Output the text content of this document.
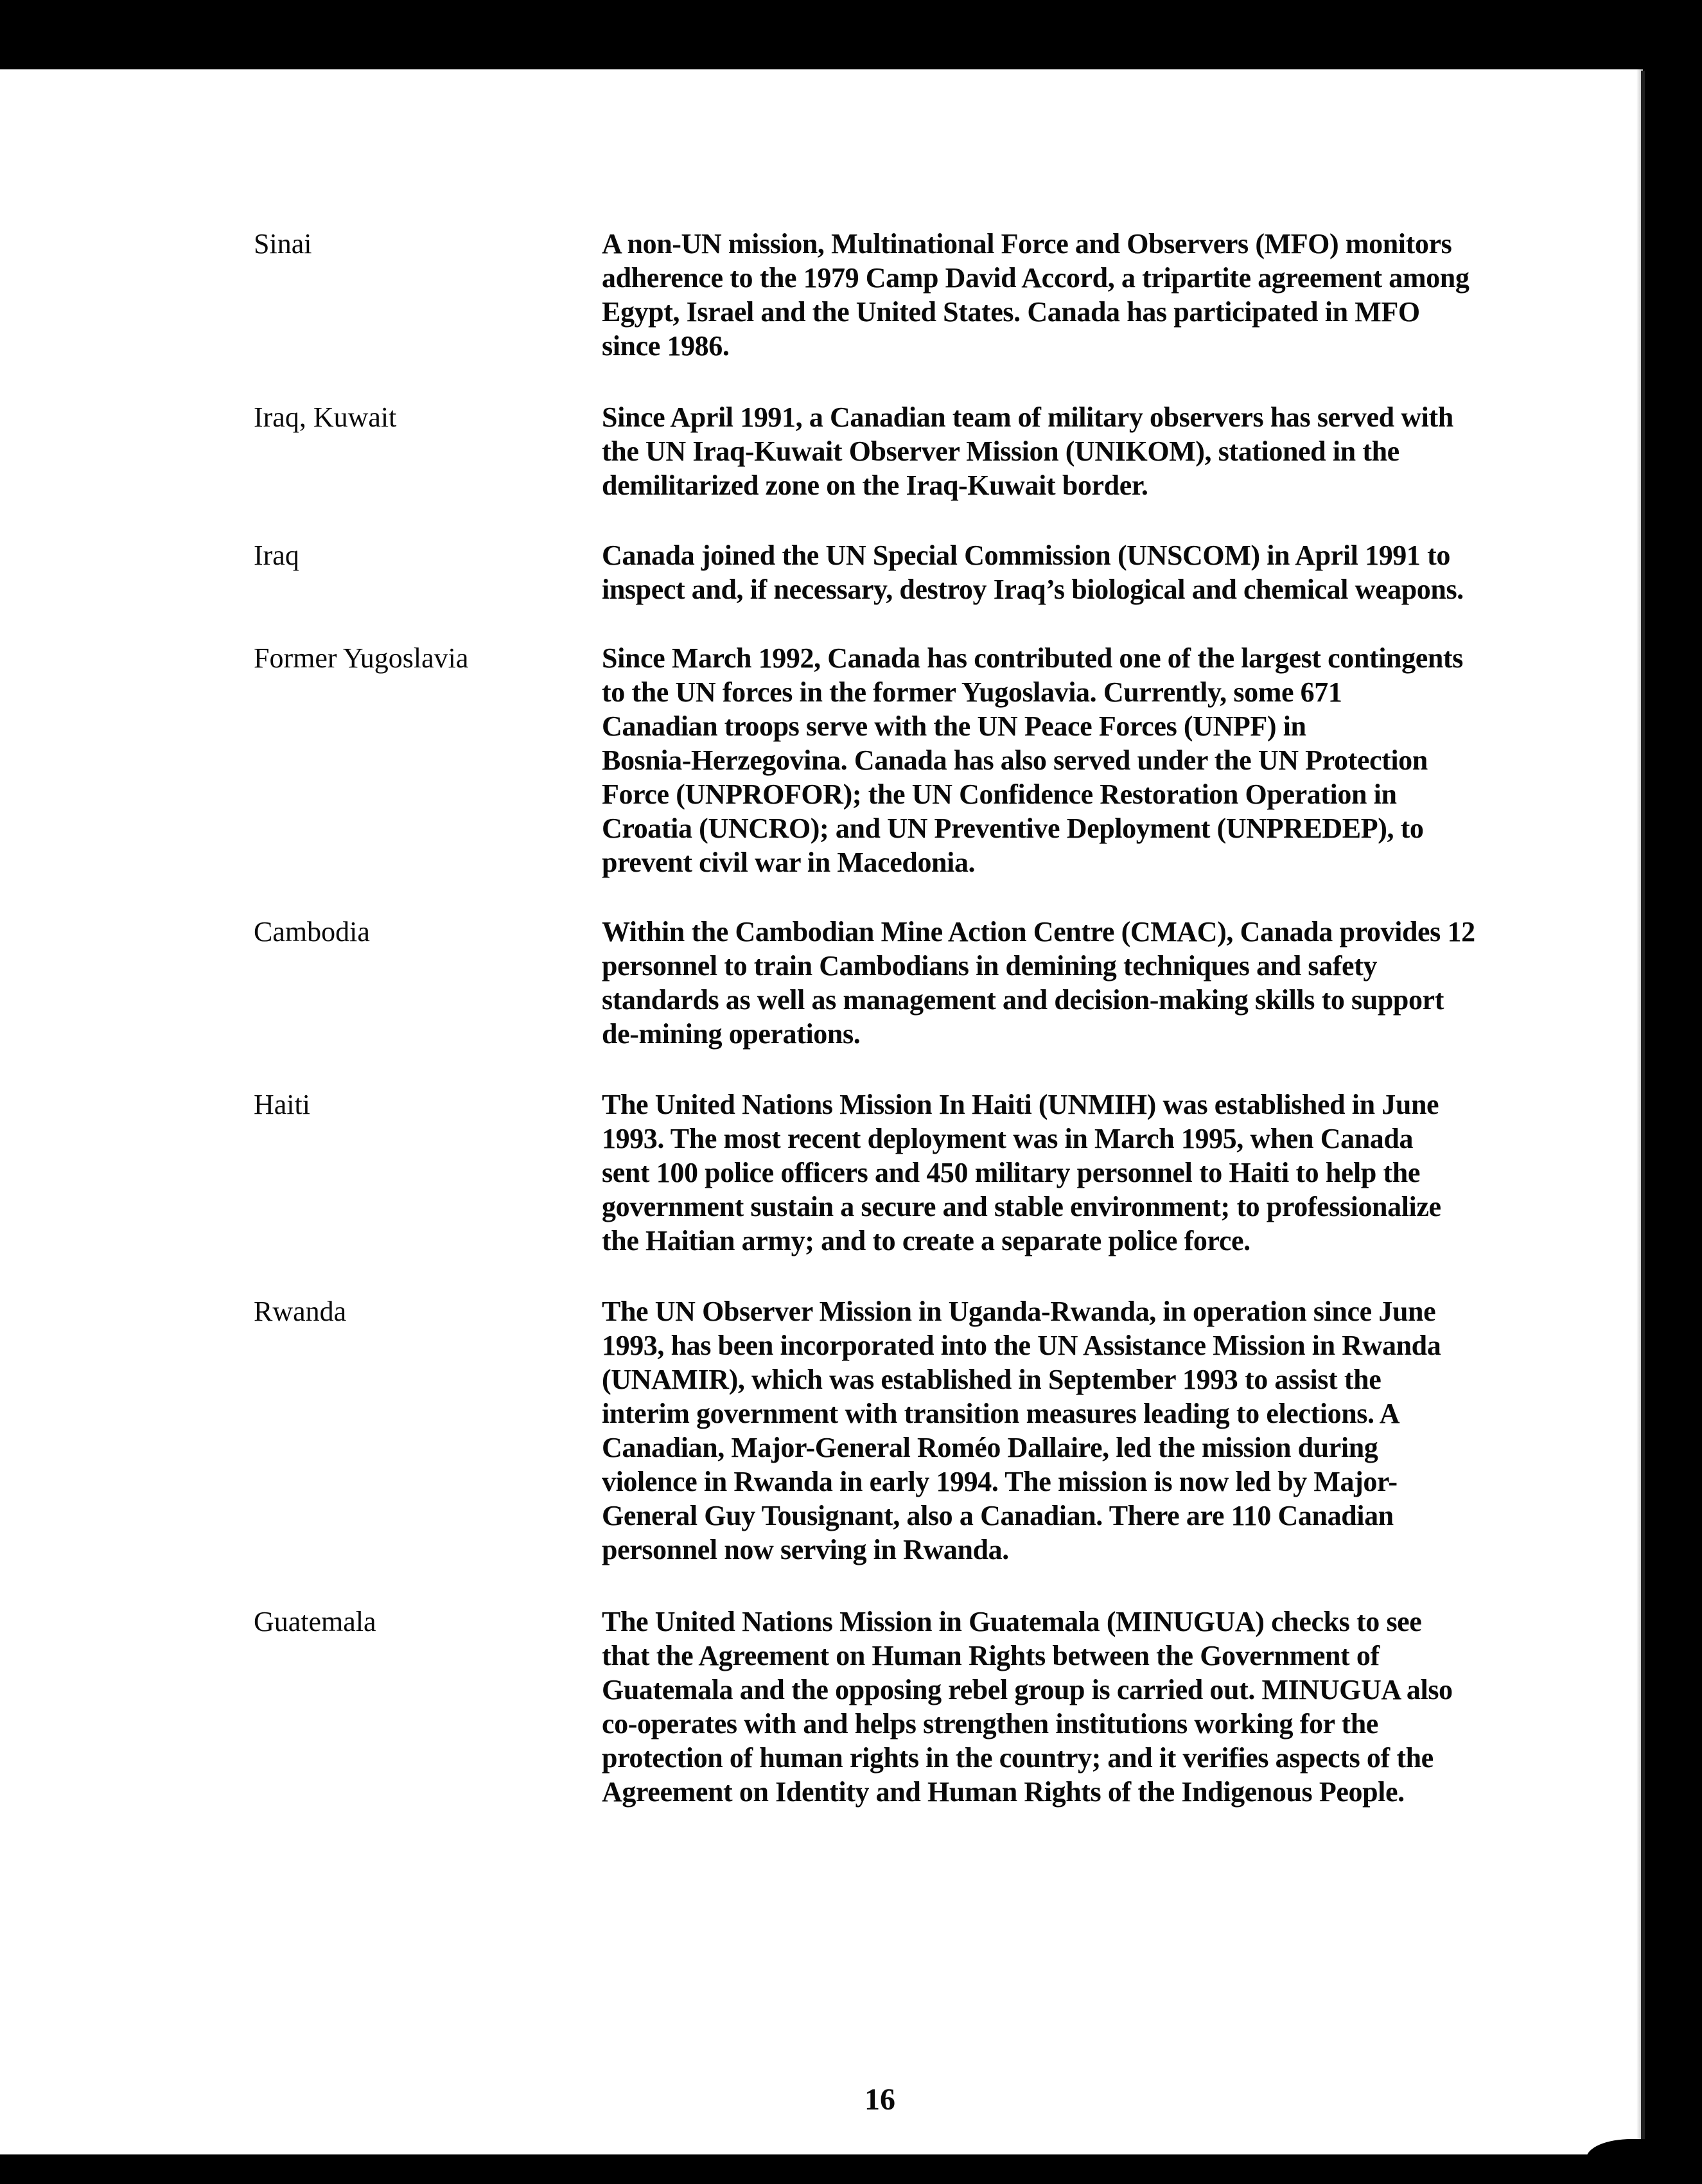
Sinai	A non-UN mission, Multinational Force and Observers (MFO) monitors
adherence to the 1979 Camp David Accord, a tripartite agreement among
Egypt, Israel and the United States. Canada has participated in MFO
since 1986.
Iraq, Kuwait	Since April 1991, a Canadian team of military observers has served with
the UN Iraq-Kuwait Observer Mission (UNIKOM), stationed in the
demilitarized zone on the Iraq-Kuwait border.
Iraq	Canada joined the UN Special Commission (UNSCOM) in April 1991 to
inspect and, if necessary, destroy Iraq’s biological and chemical weapons.
Former Yugoslavia	Since March 1992, Canada has contributed one of the largest contingents
to the UN forces in the former Yugoslavia. Currently, some 671
Canadian troops serve with the UN Peace Forces (UNPF) in
Bosnia-Herzegovina. Canada has also served under the UN Protection
Force (UNPROFOR); the UN Confidence Restoration Operation in
Croatia (UNCRO); and UN Preventive Deployment (UNPREDEP), to
prevent civil war in Macedonia.
Cambodia	Within the Cambodian Mine Action Centre (CMAC), Canada provides 12
personnel to train Cambodians in demining techniques and safety
standards as well as management and decision-making skills to support
de-mining operations.
Haiti	The United Nations Mission In Haiti (UNMIH) was established in June
1993. The most recent deployment was in March 1995, when Canada
sent 100 police officers and 450 military personnel to Haiti to help the
government sustain a secure and stable environment; to professionalize
the Haitian army; and to create a separate police force.
Rwanda	The UN Observer Mission in Uganda-Rwanda, in operation since June
1993, has been incorporated into the UN Assistance Mission in Rwanda
(UNAMIR), which was established in September 1993 to assist the
interim government with transition measures leading to elections. A
Canadian, Major-General Roméo Dallaire, led the mission during
violence in Rwanda in early 1994. The mission is now led by Major-
General Guy Tousignant, also a Canadian. There are 110 Canadian
personnel now serving in Rwanda.
Guatemala	The United Nations Mission in Guatemala (MINUGUA) checks to see
that the Agreement on Human Rights between the Government of
Guatemala and the opposing rebel group is carried out. MINUGUA also
co-operates with and helps strengthen institutions working for the
protection of human rights in the country; and it verifies aspects of the
Agreement on Identity and Human Rights of the Indigenous People.
16
